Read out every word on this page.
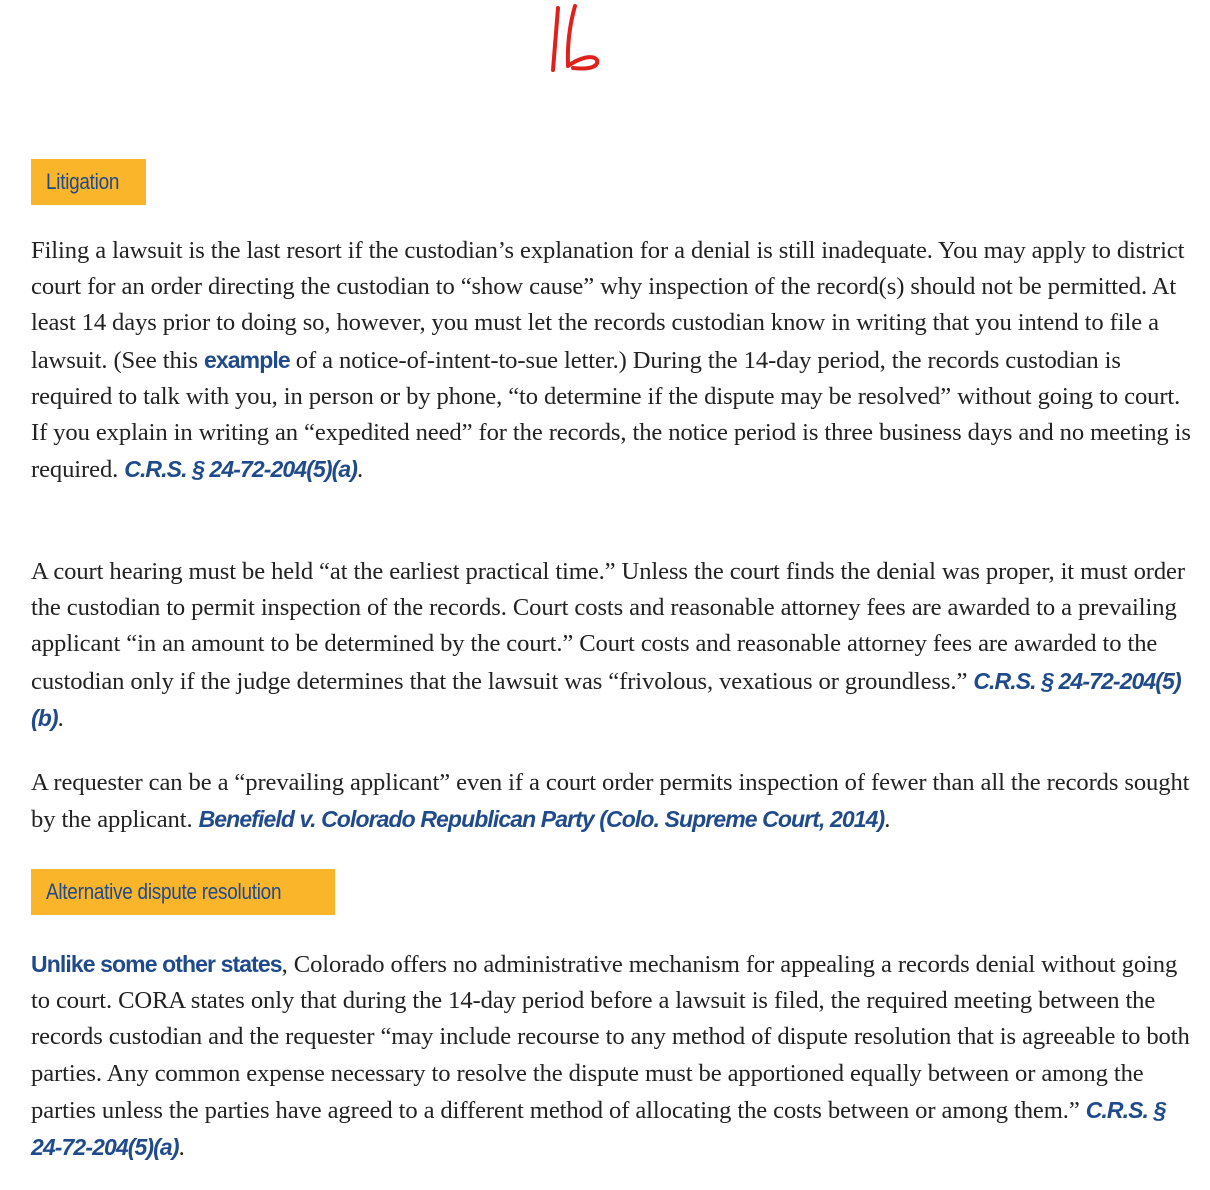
Litigation

Filing a lawsuit is the last resort if the custodian’s explanation for a denial is still inadequate. You may apply to district court for an order directing the custodian to “show cause” why inspection of the record(s) should not be permitted. At least 14 days prior to doing so, however, you must let the records custodian know in writing that you intend to file a lawsuit. (See this example of a notice-of-intent-to-sue letter.) During the 14-day period, the records custodian is required to talk with you, in person or by phone, “to determine if the dispute may be resolved” without going to court. If you explain in writing an “expedited need” for the records, the notice period is three business days and no meeting is required. C.R.S. § 24-72-204(5)(a).

A court hearing must be held “at the earliest practical time.” Unless the court finds the denial was proper, it must order the custodian to permit inspection of the records. Court costs and reasonable attorney fees are awarded to a prevailing applicant “in an amount to be determined by the court.” Court costs and reasonable attorney fees are awarded to the custodian only if the judge determines that the lawsuit was “frivolous, vexatious or groundless.” C.R.S. § 24-72-204(5)(b).

A requester can be a “prevailing applicant” even if a court order permits inspection of fewer than all the records sought by the applicant. Benefield v. Colorado Republican Party (Colo. Supreme Court, 2014).

Alternative dispute resolution

Unlike some other states, Colorado offers no administrative mechanism for appealing a records denial without going to court. CORA states only that during the 14-day period before a lawsuit is filed, the required meeting between the records custodian and the requester “may include recourse to any method of dispute resolution that is agreeable to both parties. Any common expense necessary to resolve the dispute must be apportioned equally between or among the parties unless the parties have agreed to a different method of allocating the costs between or among them.” C.R.S. § 24-72-204(5)(a).
